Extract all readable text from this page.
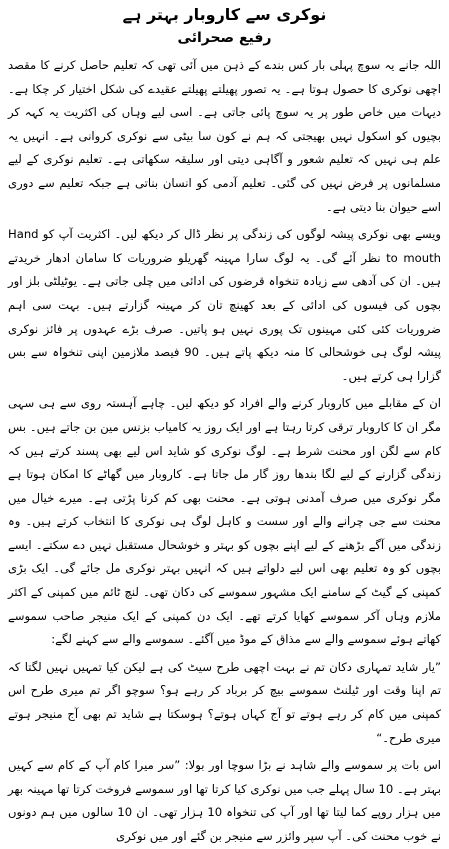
نوکری سے کاروبار بہتر ہے
رفیع صحرائی

اللہ جانے یہ سوچ پہلی بار کس بندے کے ذہن میں آئی تھی کہ تعلیم حاصل کرنے کا مقصد اچھی نوکری کا حصول ہوتا ہے۔ یہ تصور پھیلتے پھیلتے عقیدے کی شکل اختیار کر چکا ہے۔ دیہات میں خاص طور پر یہ سوچ پائی جاتی ہے۔ اسی لیے وہاں کی اکثریت یہ کہہ کر بچیوں کو اسکول نہیں بھیجتی کہ ہم نے کون سا بیٹی سے نوکری کروانی ہے۔ انہیں یہ علم ہی نہیں کہ تعلیم شعور و آگاہی دیتی اور سلیقہ سکھاتی ہے۔ تعلیم نوکری کے لیے مسلمانوں پر فرض نہیں کی گئی۔ تعلیم آدمی کو انسان بناتی ہے جبکہ تعلیم سے دوری اسے حیوان بنا دیتی ہے۔

ویسے بھی نوکری پیشہ لوگوں کی زندگی پر نظر ڈال کر دیکھ لیں۔ اکثریت آپ کو Hand to mouth نظر آئے گی۔ یہ لوگ سارا مہینہ گھریلو ضروریات کا سامان ادھار خریدتے ہیں۔ ان کی آدھی سے زیادہ تنخواہ قرضوں کی ادائی میں چلی جاتی ہے۔ یوٹیلٹی بلز اور بچوں کی فیسوں کی ادائی کے بعد کھینچ تان کر مہینہ گزارتے ہیں۔ بہت سی اہم ضروریات کئی کئی مہینوں تک پوری نہیں ہو پاتیں۔ صرف بڑے عہدوں پر فائز نوکری پیشہ لوگ ہی خوشحالی کا منہ دیکھ پاتے ہیں۔ 90 فیصد ملازمین اپنی تنخواہ سے بس گزارا ہی کرتے ہیں۔

ان کے مقابلے میں کاروبار کرنے والے افراد کو دیکھ لیں۔ چاہے آہستہ روی سے ہی سہی مگر ان کا کاروبار ترقی کرتا رہتا ہے اور ایک روز یہ کامیاب بزنس مین بن جاتے ہیں۔ بس کام سے لگن اور محنت شرط ہے۔ لوگ نوکری کو شاید اس لیے بھی پسند کرتے ہیں کہ زندگی گزارنے کے لیے لگا بندھا روز گار مل جاتا ہے۔ کاروبار میں گھاٹے کا امکان ہوتا ہے مگر نوکری میں صرف آمدنی ہوتی ہے۔ محنت بھی کم کرنا پڑتی ہے۔ میرے خیال میں محنت سے جی چرانے والے اور سست و کاہل لوگ ہی نوکری کا انتخاب کرتے ہیں۔ وہ زندگی میں آگے بڑھنے کے لیے اپنے بچوں کو بہتر و خوشحال مستقبل نہیں دے سکتے۔ ایسے بچوں کو وہ تعلیم بھی اس لیے دلواتے ہیں کہ انہیں بہتر نوکری مل جائے گی۔ ایک بڑی کمپنی کے گیٹ کے سامنے ایک مشہور سموسے کی دکان تھی۔ لنچ ٹائم میں کمپنی کے اکثر ملازم وہاں آکر سموسے کھایا کرتے تھے۔ ایک دن کمپنی کے ایک منیجر صاحب سموسے کھاتے ہوئے سموسے والے سے مذاق کے موڈ میں آگئے۔ سموسے والے سے کہنے لگے:

”یار شاید تمہاری دکان تم نے بہت اچھی طرح سیٹ کی ہے لیکن کیا تمہیں نہیں لگتا کہ تم اپنا وقت اور ٹیلنٹ سموسے بیچ کر برباد کر رہے ہو؟ سوچو اگر تم میری طرح اس کمپنی میں کام کر رہے ہوتے تو آج کہاں ہوتے؟ ہوسکتا ہے شاید تم بھی آج منیجر ہوتے میری طرح۔“

اس بات پر سموسے والے شاہد نے بڑا سوچا اور بولا: ”سر میرا کام آپ کے کام سے کہیں بہتر ہے۔ 10 سال پہلے جب میں نوکری کیا کرتا تھا اور سموسے فروخت کرتا تھا مہینہ بھر میں ہزار روپے کما لیتا تھا اور آپ کی تنخواہ 10 ہزار تھی۔ ان 10 سالوں میں ہم دونوں نے خوب محنت کی۔ آپ سپر وائزر سے منیجر بن گئے اور میں نوکری
